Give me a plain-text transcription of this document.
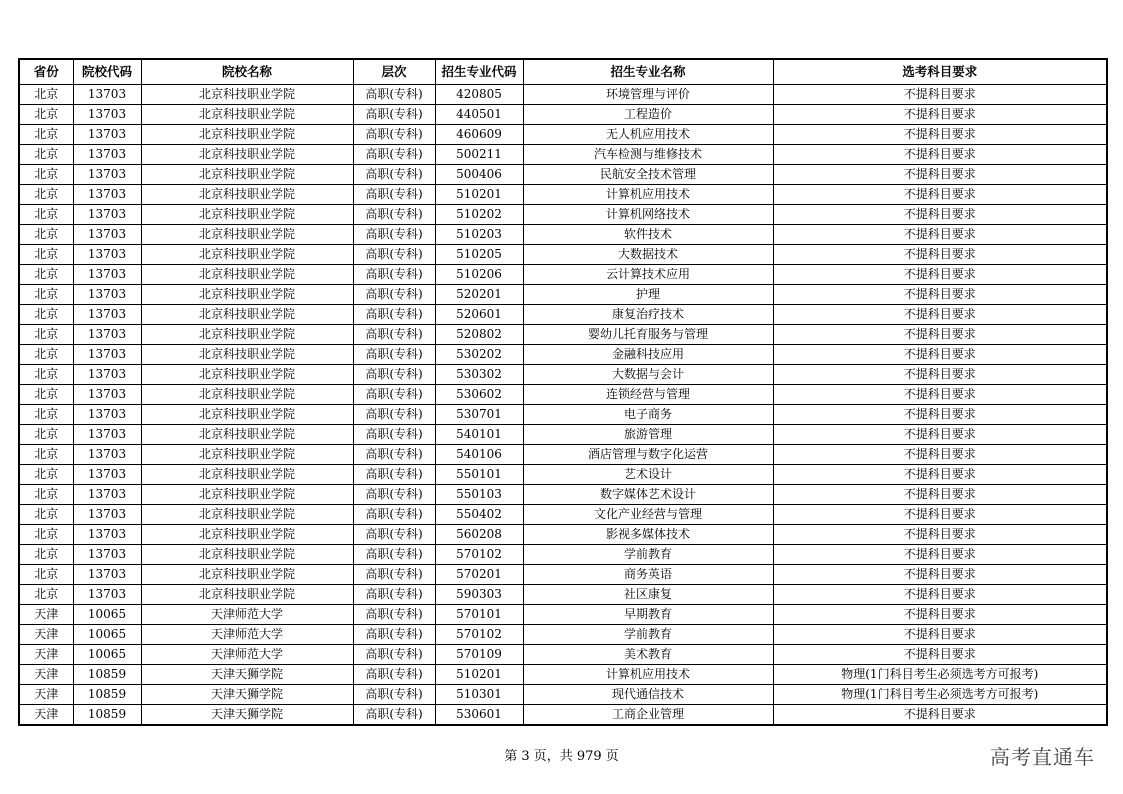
省份	院校代码	院校名称	层次	招生专业代码	招生专业名称	选考科目要求
北京	13703	北京科技职业学院	高职(专科)	420805	环境管理与评价	不提科目要求
北京	13703	北京科技职业学院	高职(专科)	440501	工程造价	不提科目要求
北京	13703	北京科技职业学院	高职(专科)	460609	无人机应用技术	不提科目要求
北京	13703	北京科技职业学院	高职(专科)	500211	汽车检测与维修技术	不提科目要求
北京	13703	北京科技职业学院	高职(专科)	500406	民航安全技术管理	不提科目要求
北京	13703	北京科技职业学院	高职(专科)	510201	计算机应用技术	不提科目要求
北京	13703	北京科技职业学院	高职(专科)	510202	计算机网络技术	不提科目要求
北京	13703	北京科技职业学院	高职(专科)	510203	软件技术	不提科目要求
北京	13703	北京科技职业学院	高职(专科)	510205	大数据技术	不提科目要求
北京	13703	北京科技职业学院	高职(专科)	510206	云计算技术应用	不提科目要求
北京	13703	北京科技职业学院	高职(专科)	520201	护理	不提科目要求
北京	13703	北京科技职业学院	高职(专科)	520601	康复治疗技术	不提科目要求
北京	13703	北京科技职业学院	高职(专科)	520802	婴幼儿托育服务与管理	不提科目要求
北京	13703	北京科技职业学院	高职(专科)	530202	金融科技应用	不提科目要求
北京	13703	北京科技职业学院	高职(专科)	530302	大数据与会计	不提科目要求
北京	13703	北京科技职业学院	高职(专科)	530602	连锁经营与管理	不提科目要求
北京	13703	北京科技职业学院	高职(专科)	530701	电子商务	不提科目要求
北京	13703	北京科技职业学院	高职(专科)	540101	旅游管理	不提科目要求
北京	13703	北京科技职业学院	高职(专科)	540106	酒店管理与数字化运营	不提科目要求
北京	13703	北京科技职业学院	高职(专科)	550101	艺术设计	不提科目要求
北京	13703	北京科技职业学院	高职(专科)	550103	数字媒体艺术设计	不提科目要求
北京	13703	北京科技职业学院	高职(专科)	550402	文化产业经营与管理	不提科目要求
北京	13703	北京科技职业学院	高职(专科)	560208	影视多媒体技术	不提科目要求
北京	13703	北京科技职业学院	高职(专科)	570102	学前教育	不提科目要求
北京	13703	北京科技职业学院	高职(专科)	570201	商务英语	不提科目要求
北京	13703	北京科技职业学院	高职(专科)	590303	社区康复	不提科目要求
天津	10065	天津师范大学	高职(专科)	570101	早期教育	不提科目要求
天津	10065	天津师范大学	高职(专科)	570102	学前教育	不提科目要求
天津	10065	天津师范大学	高职(专科)	570109	美术教育	不提科目要求
天津	10859	天津天狮学院	高职(专科)	510201	计算机应用技术	物理(1门科目考生必须选考方可报考)
天津	10859	天津天狮学院	高职(专科)	510301	现代通信技术	物理(1门科目考生必须选考方可报考)
天津	10859	天津天狮学院	高职(专科)	530601	工商企业管理	不提科目要求
第 3 页，共 979 页	高考直通车
